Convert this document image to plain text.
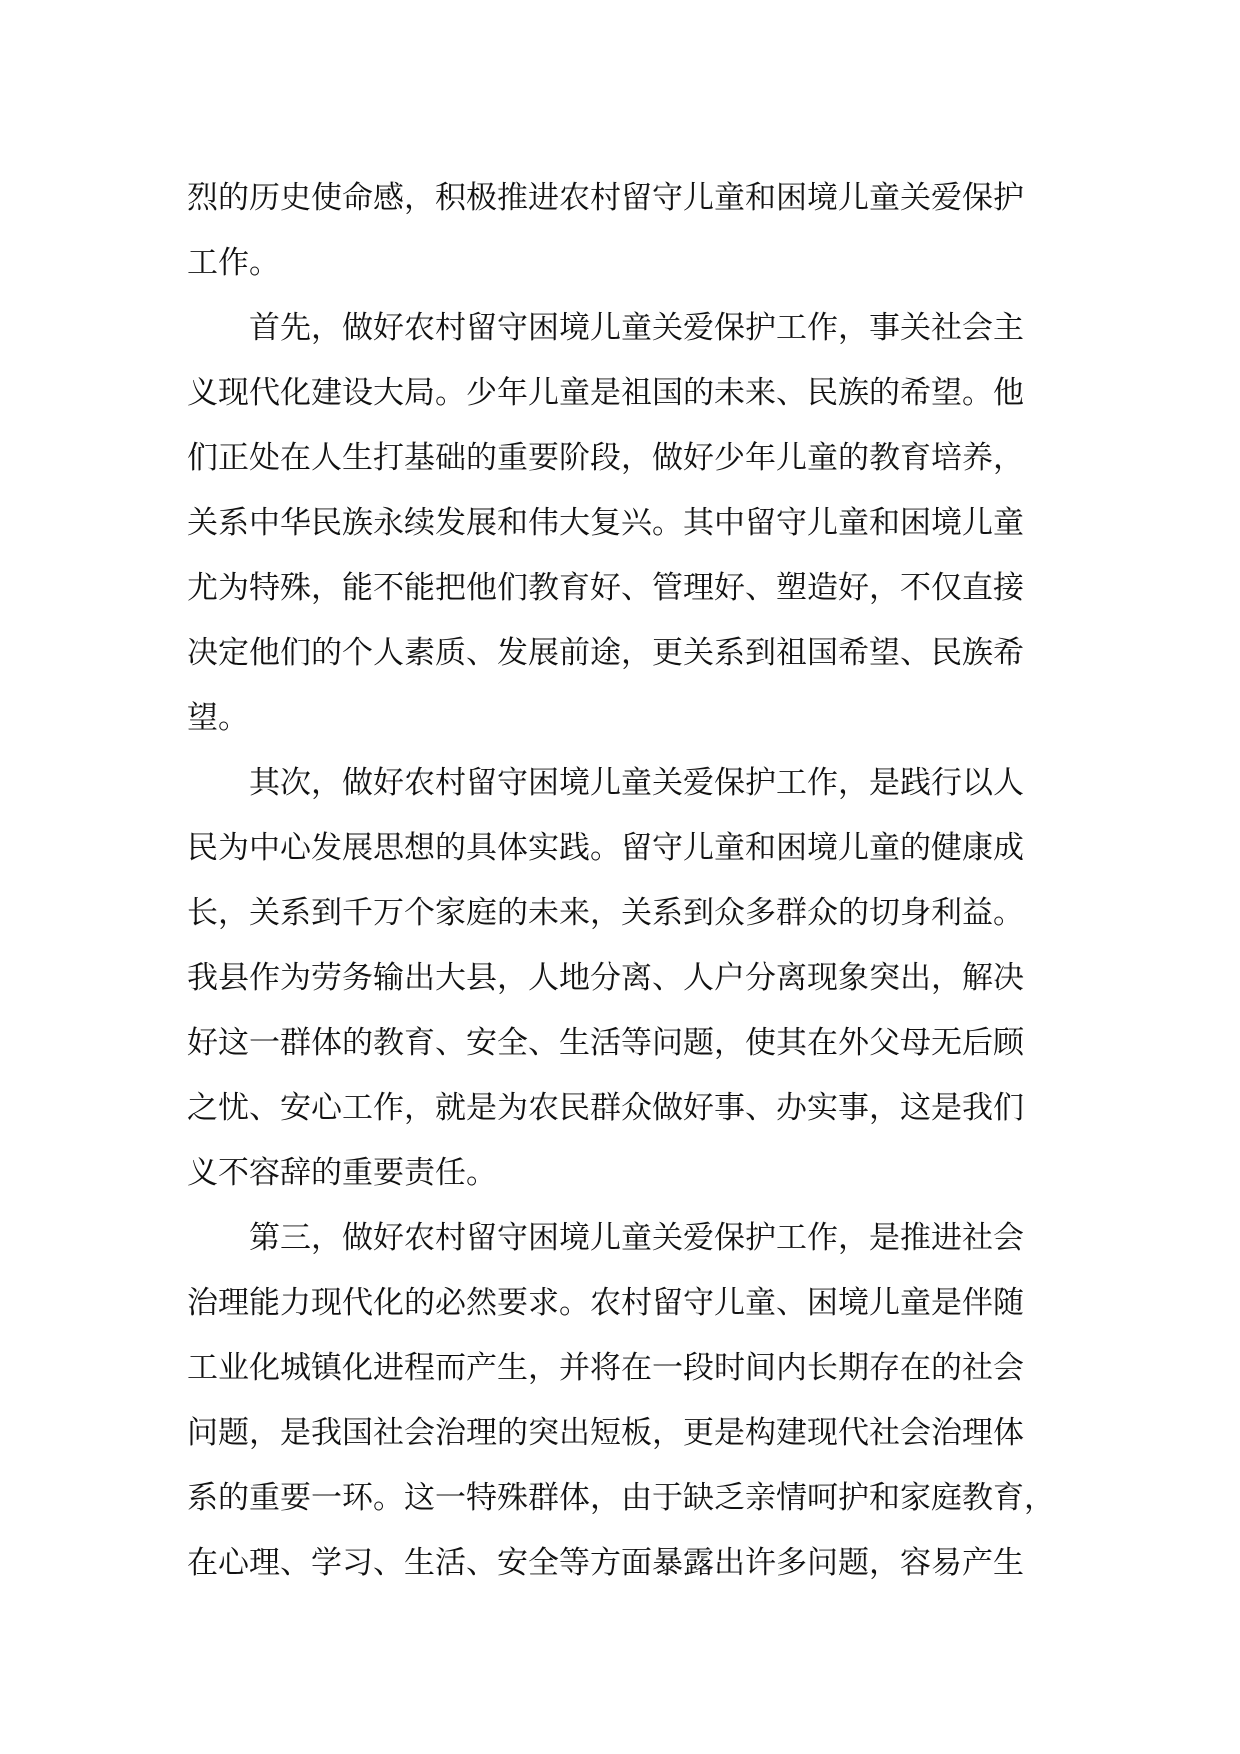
烈的历史使命感，积极推进农村留守儿童和困境儿童关爱保护
工作。
首先，做好农村留守困境儿童关爱保护工作，事关社会主
义现代化建设大局。少年儿童是祖国的未来、民族的希望。他
们正处在人生打基础的重要阶段，做好少年儿童的教育培养，
关系中华民族永续发展和伟大复兴。其中留守儿童和困境儿童
尤为特殊，能不能把他们教育好、管理好、塑造好，不仅直接
决定他们的个人素质、发展前途，更关系到祖国希望、民族希
望。
其次，做好农村留守困境儿童关爱保护工作，是践行以人
民为中心发展思想的具体实践。留守儿童和困境儿童的健康成
长，关系到千万个家庭的未来，关系到众多群众的切身利益。
我县作为劳务输出大县，人地分离、人户分离现象突出，解决
好这一群体的教育、安全、生活等问题，使其在外父母无后顾
之忧、安心工作，就是为农民群众做好事、办实事，这是我们
义不容辞的重要责任。
第三，做好农村留守困境儿童关爱保护工作，是推进社会
治理能力现代化的必然要求。农村留守儿童、困境儿童是伴随
工业化城镇化进程而产生，并将在一段时间内长期存在的社会
问题，是我国社会治理的突出短板，更是构建现代社会治理体
系的重要一环。这一特殊群体，由于缺乏亲情呵护和家庭教育，
在心理、学习、生活、安全等方面暴露出许多问题，容易产生
